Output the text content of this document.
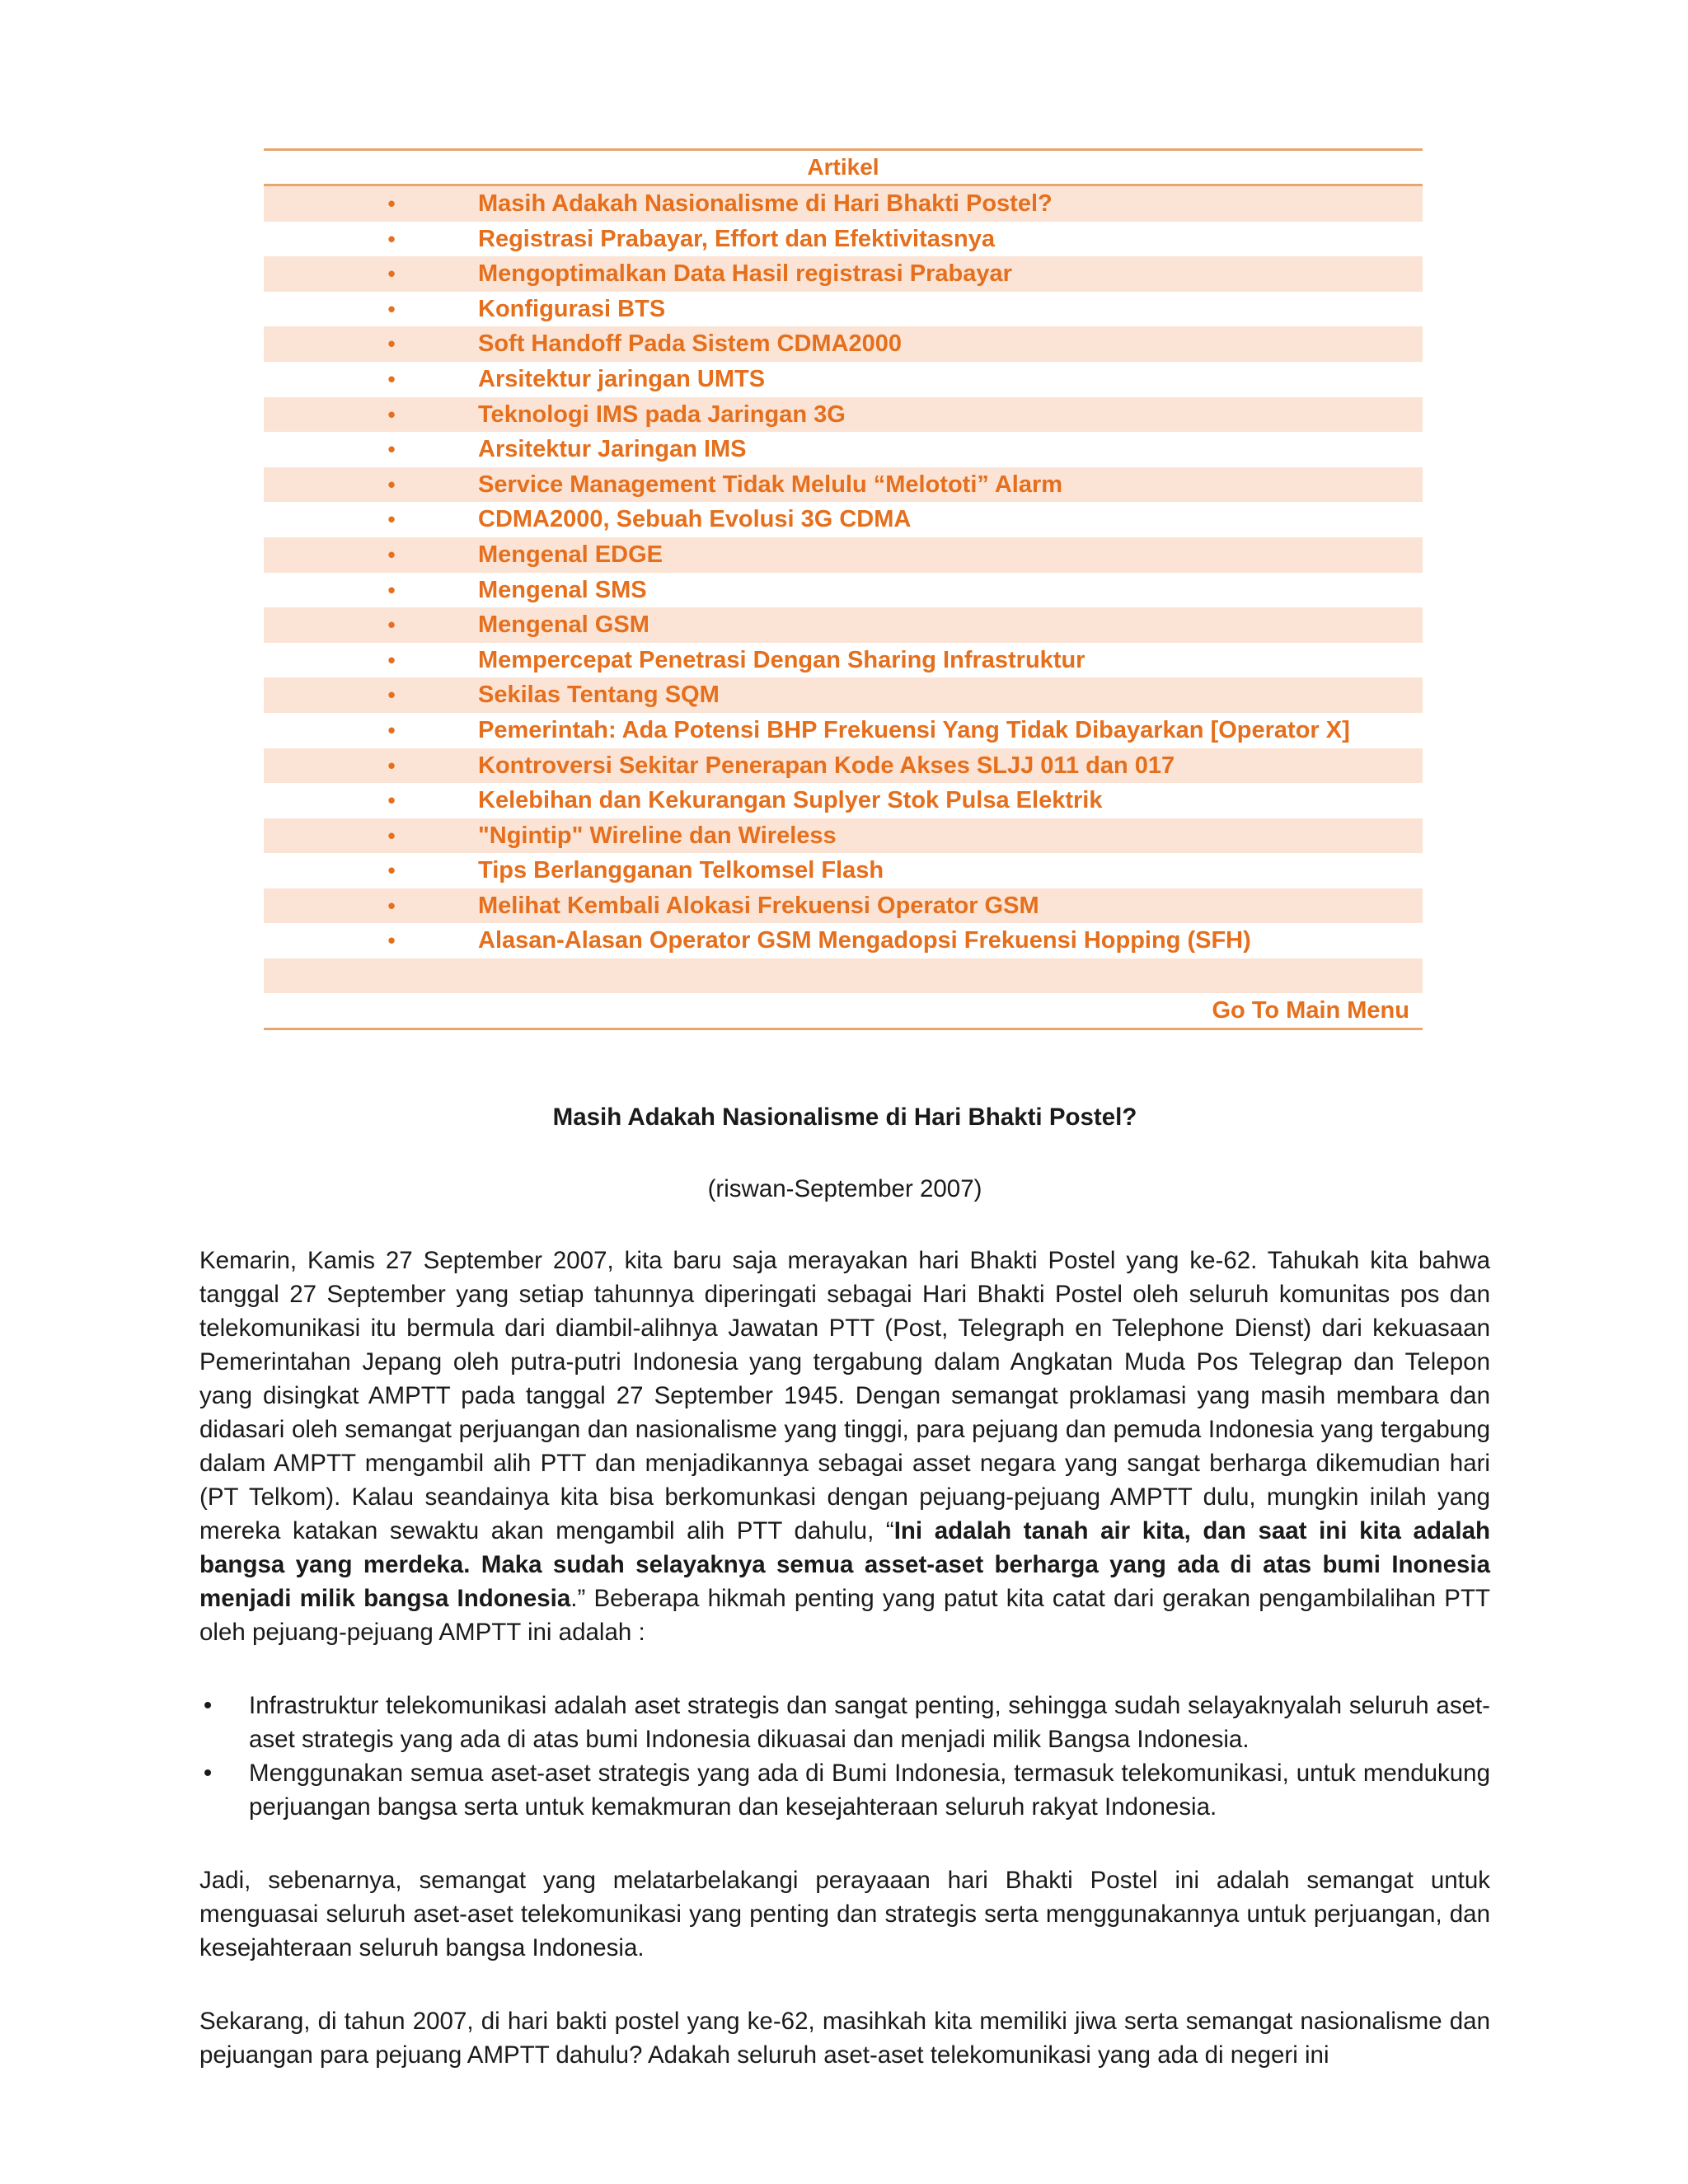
Artikel
•	Masih Adakah Nasionalisme di Hari Bhakti Postel?
•	Registrasi Prabayar, Effort dan Efektivitasnya
•	Mengoptimalkan Data Hasil registrasi Prabayar
•	Konfigurasi BTS
•	Soft Handoff Pada Sistem CDMA2000
•	Arsitektur jaringan UMTS
•	Teknologi IMS pada Jaringan 3G
•	Arsitektur Jaringan IMS
•	Service Management Tidak Melulu “Melototi” Alarm
•	CDMA2000, Sebuah Evolusi 3G CDMA
•	Mengenal EDGE
•	Mengenal SMS
•	Mengenal GSM
•	Mempercepat Penetrasi Dengan Sharing Infrastruktur
•	Sekilas Tentang SQM
•	Pemerintah: Ada Potensi BHP Frekuensi Yang Tidak Dibayarkan [Operator X]
•	Kontroversi Sekitar Penerapan Kode Akses SLJJ 011 dan 017
•	Kelebihan dan Kekurangan Suplyer Stok Pulsa Elektrik
•	"Ngintip" Wireline dan Wireless
•	Tips Berlangganan Telkomsel Flash
•	Melihat Kembali Alokasi Frekuensi Operator GSM
•	Alasan-Alasan Operator GSM Mengadopsi Frekuensi Hopping (SFH)
Go To Main Menu
Masih Adakah Nasionalisme di Hari Bhakti Postel?
(riswan-September 2007)

Kemarin, Kamis 27 September 2007, kita baru saja merayakan hari Bhakti Postel yang ke-62. Tahukah kita bahwa tanggal 27 September yang setiap tahunnya diperingati sebagai Hari Bhakti Postel oleh seluruh komunitas pos dan telekomunikasi itu bermula dari diambil-alihnya Jawatan PTT (Post, Telegraph en Telephone Dienst) dari kekuasaan Pemerintahan Jepang oleh putra-putri Indonesia yang tergabung dalam Angkatan Muda Pos Telegrap dan Telepon yang disingkat AMPTT pada tanggal 27 September 1945. Dengan semangat proklamasi yang masih membara dan didasari oleh semangat perjuangan dan nasionalisme yang tinggi, para pejuang dan pemuda Indonesia yang tergabung dalam AMPTT mengambil alih PTT dan menjadikannya sebagai asset negara yang sangat berharga dikemudian hari (PT Telkom). Kalau seandainya kita bisa berkomunkasi dengan pejuang-pejuang AMPTT dulu, mungkin inilah yang mereka katakan sewaktu akan mengambil alih PTT dahulu, “Ini adalah tanah air kita, dan saat ini kita adalah bangsa yang merdeka. Maka sudah selayaknya semua asset-aset berharga yang ada di atas bumi Inonesia menjadi milik bangsa Indonesia.” Beberapa hikmah penting yang patut kita catat dari gerakan pengambilalihan PTT oleh pejuang-pejuang AMPTT ini adalah :

• Infrastruktur telekomunikasi adalah aset strategis dan sangat penting, sehingga sudah selayaknyalah seluruh aset-aset strategis yang ada di atas bumi Indonesia dikuasai dan menjadi milik Bangsa Indonesia.
• Menggunakan semua aset-aset strategis yang ada di Bumi Indonesia, termasuk telekomunikasi, untuk mendukung perjuangan bangsa serta untuk kemakmuran dan kesejahteraan seluruh rakyat Indonesia.

Jadi, sebenarnya, semangat yang melatarbelakangi perayaaan hari Bhakti Postel ini adalah semangat untuk menguasai seluruh aset-aset telekomunikasi yang penting dan strategis serta menggunakannya untuk perjuangan, dan kesejahteraan seluruh bangsa Indonesia.

Sekarang, di tahun 2007, di hari bakti postel yang ke-62, masihkah kita memiliki jiwa serta semangat nasionalisme dan pejuangan para pejuang AMPTT dahulu? Adakah seluruh aset-aset telekomunikasi yang ada di negeri ini
